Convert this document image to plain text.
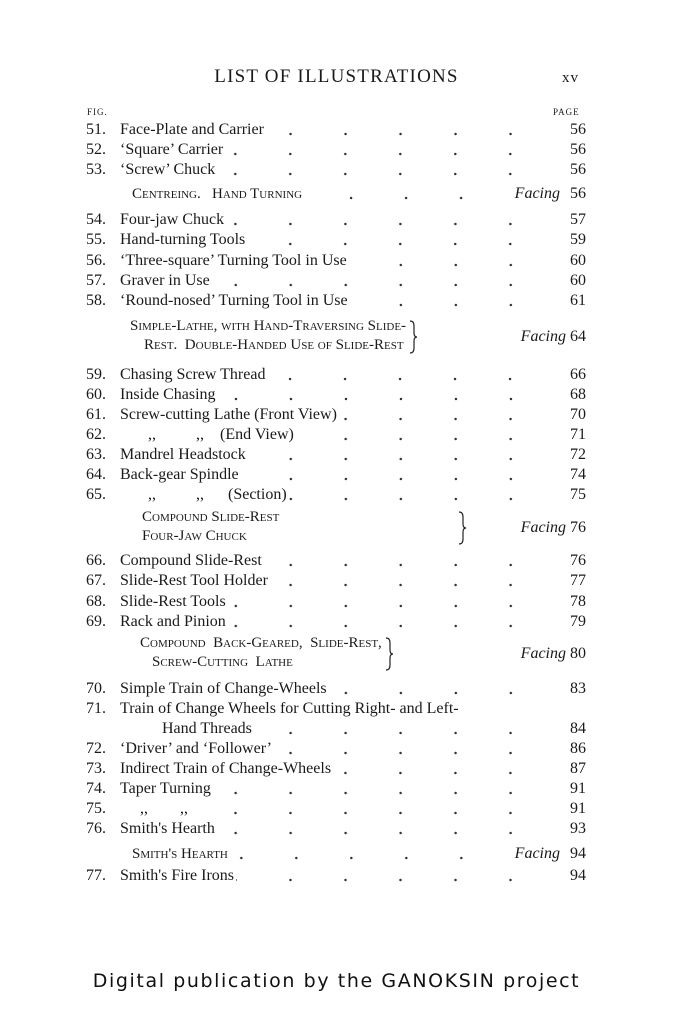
LIST OF ILLUSTRATIONS	xv
FIG.	PAGE
51. Face-Plate and Carrier	56
52. ‘Square’ Carrier	56
53. ‘Screw’ Chuck	56
Centreing.   Hand Turning	Facing 56
54. Four-jaw Chuck	57
55. Hand-turning Tools	59
56. ‘Three-square’ Turning Tool in Use	60
57. Graver in Use	60
58. ‘Round-nosed’ Turning Tool in Use	61
Simple-Lathe, with Hand-Traversing Slide-
Rest.  Double-Handed Use of Slide-Rest	Facing 64
59. Chasing Screw Thread	66
60. Inside Chasing	68
61. Screw-cutting Lathe (Front View)	70
62. ,,          ,,    (End View)	71
63. Mandrel Headstock	72
64. Back-gear Spindle	74
65. ,,          ,,      (Section)	75
Compound Slide-Rest
Four-Jaw Chuck	Facing 76
66. Compound Slide-Rest	76
67. Slide-Rest Tool Holder	77
68. Slide-Rest Tools	78
69. Rack and Pinion	79
Compound  Back-Geared,  Slide-Rest,
Screw-Cutting  Lathe	Facing 80
70. Simple Train of Change-Wheels	83
71. Train of Change Wheels for Cutting Right- and Left-
Hand Threads	84
72. ‘Driver’ and ‘Follower’	86
73. Indirect Train of Change-Wheels	87
74. Taper Turning	91
75. ,,        ,,	91
76. Smith's Hearth	93
Smith's Hearth	Facing 94
77. Smith's Fire Irons	94
Digital publication by the GANOKSIN project
